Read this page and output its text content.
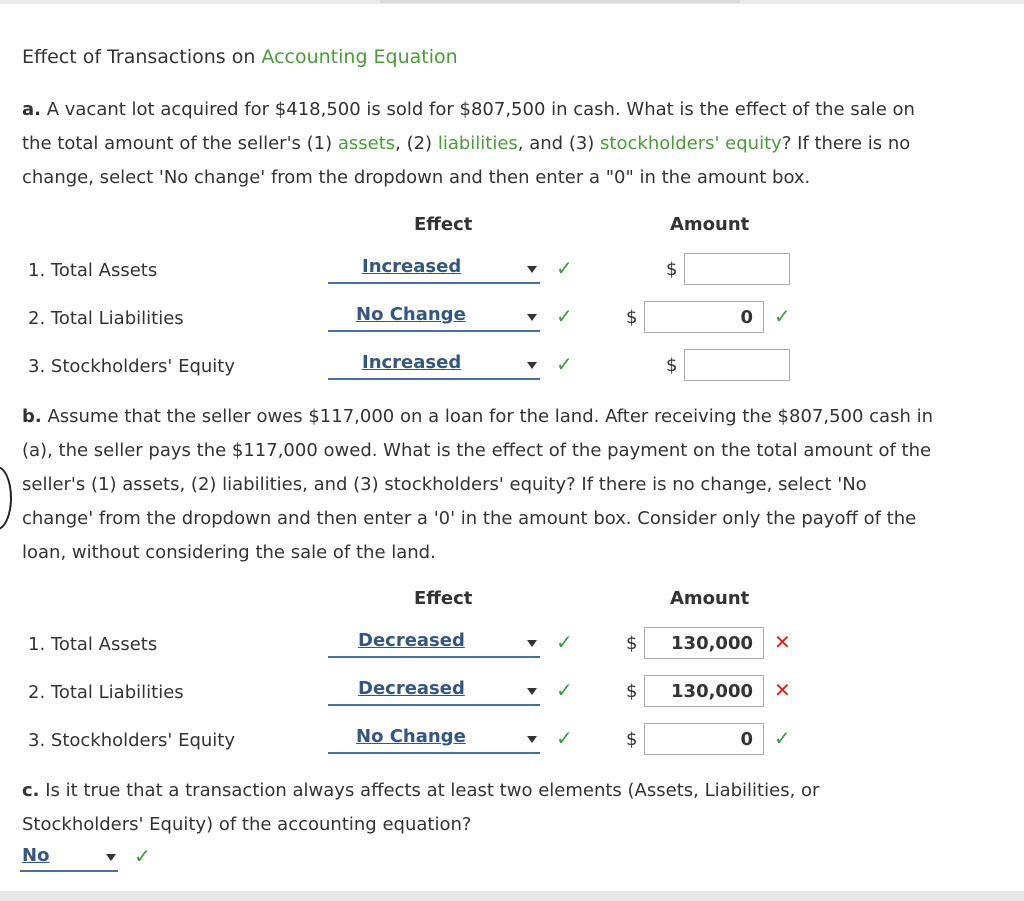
Effect of Transactions on Accounting Equation
a. A vacant lot acquired for $418,500 is sold for $807,500 in cash. What is the effect of the sale on
the total amount of the seller's (1) assets, (2) liabilities, and (3) stockholders' equity? If there is no
change, select 'No change' from the dropdown and then enter a "0" in the amount box.
Effect	Amount
1. Total Assets	Increased	✓	$
2. Total Liabilities	No Change	✓	$	0 ✓
3. Stockholders' Equity	Increased	✓	$
b. Assume that the seller owes $117,000 on a loan for the land. After receiving the $807,500 cash in
(a), the seller pays the $117,000 owed. What is the effect of the payment on the total amount of the
seller's (1) assets, (2) liabilities, and (3) stockholders' equity? If there is no change, select 'No
change' from the dropdown and then enter a '0' in the amount box. Consider only the payoff of the
loan, without considering the sale of the land.
Effect	Amount
1. Total Assets	Decreased	✓	$ 130,000 ✕
2. Total Liabilities	Decreased	✓	$ 130,000 ✕
3. Stockholders' Equity	No Change	✓	$	0 ✓
c. Is it true that a transaction always affects at least two elements (Assets, Liabilities, or
Stockholders' Equity) of the accounting equation?
No	✓
